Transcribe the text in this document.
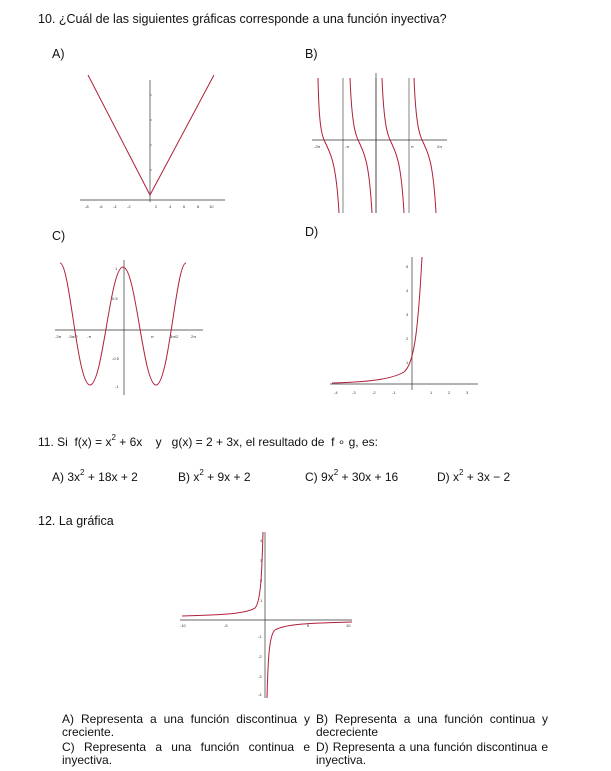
10. ¿Cuál de las siguientes gráficas corresponde a una función inyectiva?
A)	B)
C)	D)
-8	-6	-4	-2	2	4	6	8 10
-2π	-π	π	2π
-2π -3π/2 -π	π	3π/2	2π
1
0.5
-0.5
-1
-4	-3	-2	-1	1	2	3
1
2
3
4
5
11. Si $f(x) = x^2 + 6x$ y g(x) = 2 + 3x, el resultado de f ∘ g, es:
A) $3x^2 + 18x + 2$	B) $x^2 + 9x + 2$	C) $9x^2 + 30x + 16$	D) $x^2 + 3x - 2$
12. La gráfica
-10	-5	5	10
4
3
2
1
-1
-2
-3
-4
A) Representa a una función discontinua y creciente.
B) Representa a una función continua y decreciente
C) Representa a una función continua e inyectiva.
D) Representa a una función discontinua e inyectiva.
